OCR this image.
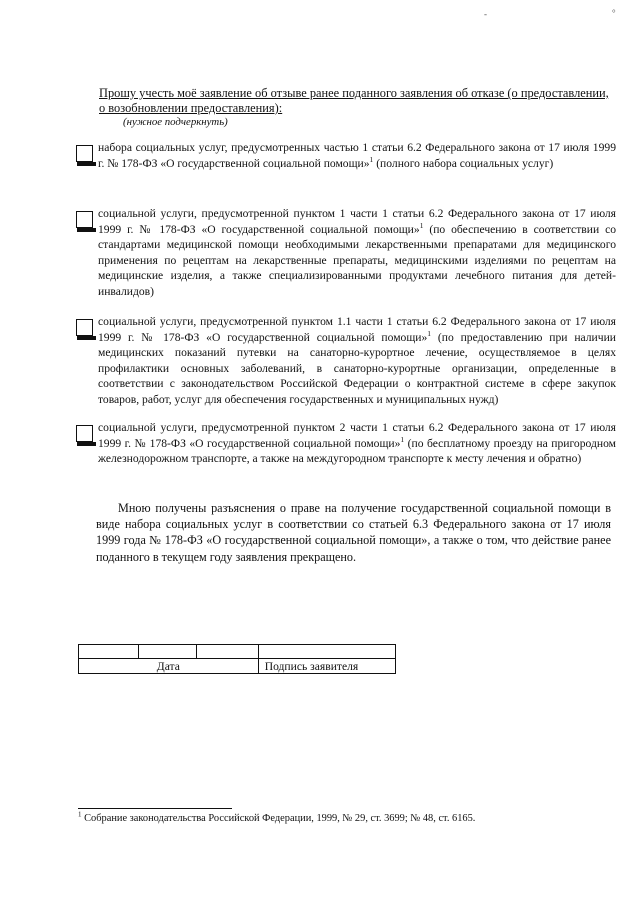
-	°
Прошу учесть моё заявление об отзыве ранее поданного заявления об отказе (о предоставлении, о возобновлении предоставления):
(нужное подчеркнуть)
набора социальных услуг, предусмотренных частью 1 статьи 6.2 Федерального закона от 17 июля 1999 г. № 178-ФЗ «О государственной социальной помощи»$^1$ (полного набора социальных услуг)
социальной услуги, предусмотренной пунктом 1 части 1 статьи 6.2 Федерального закона от 17 июля 1999 г. № 178-ФЗ «О государственной социальной помощи»$^1$ (по обеспечению в соответствии со стандартами медицинской помощи необходимыми лекарственными препаратами для медицинского применения по рецептам на лекарственные препараты, медицинскими изделиями по рецептам на медицинские изделия, а также специализированными продуктами лечебного питания для детей-инвалидов)
социальной услуги, предусмотренной пунктом 1.1 части 1 статьи 6.2 Федерального закона от 17 июля 1999 г. № 178-ФЗ «О государственной социальной помощи»$^1$ (по предоставлению при наличии медицинских показаний путевки на санаторно-курортное лечение, осуществляемое в целях профилактики основных заболеваний, в санаторно-курортные организации, определенные в соответствии с законодательством Российской Федерации о контрактной системе в сфере закупок товаров, работ, услуг для обеспечения государственных и муниципальных нужд)
социальной услуги, предусмотренной пунктом 2 части 1 статьи 6.2 Федерального закона от 17 июля 1999 г. № 178-ФЗ «О государственной социальной помощи»$^1$ (по бесплатному проезду на пригородном железнодорожном транспорте, а также на междугородном транспорте к месту лечения и обратно)
Мною получены разъяснения о праве на получение государственной социальной помощи в виде набора социальных услуг в соответствии со статьей 6.3 Федерального закона от 17 июля 1999 года № 178-ФЗ «О государственной социальной помощи», а также о том, что действие ранее поданного в текущем году заявления прекращено.

Дата			Подпись заявителя
$^1$ Собрание законодательства Российской Федерации, 1999, № 29, ст. 3699; № 48, ст. 6165.
